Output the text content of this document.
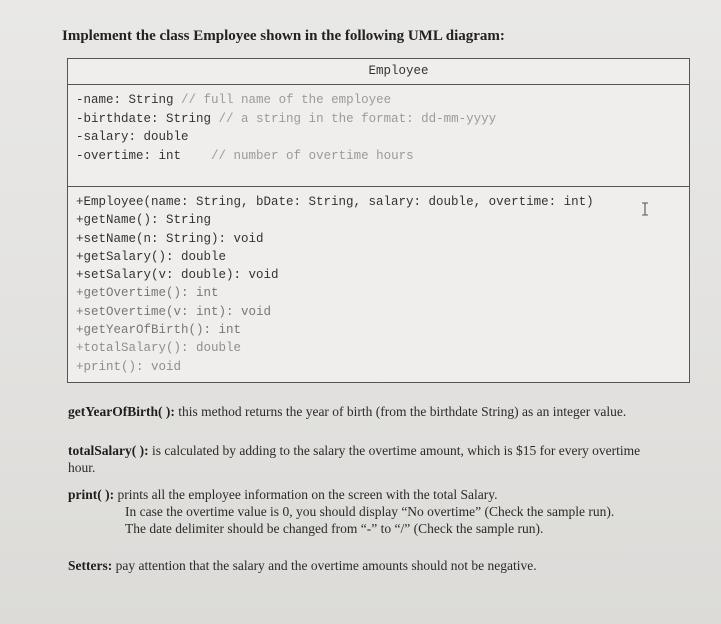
Implement the class Employee shown in the following UML diagram:
Employee
-name: String // full name of the employee
-birthdate: String // a string in the format: dd-mm-yyyy
-salary: double
-overtime: int // number of overtime hours
+Employee(name: String, bDate: String, salary: double, overtime: int)
+getName(): String
+setName(n: String): void
+getSalary(): double
+setSalary(v: double): void
+getOvertime(): int
+setOvertime(v: int): void
+getYearOfBirth(): int
+totalSalary(): double
+print(): void
getYearOfBirth( ): this method returns the year of birth (from the birthdate String) as an integer value.
totalSalary( ): is calculated by adding to the salary the overtime amount, which is $15 for every overtime hour.
print( ): prints all the employee information on the screen with the total Salary.
In case the overtime value is 0, you should display “No overtime” (Check the sample run).
The date delimiter should be changed from “-” to “/” (Check the sample run).
Setters: pay attention that the salary and the overtime amounts should not be negative.
